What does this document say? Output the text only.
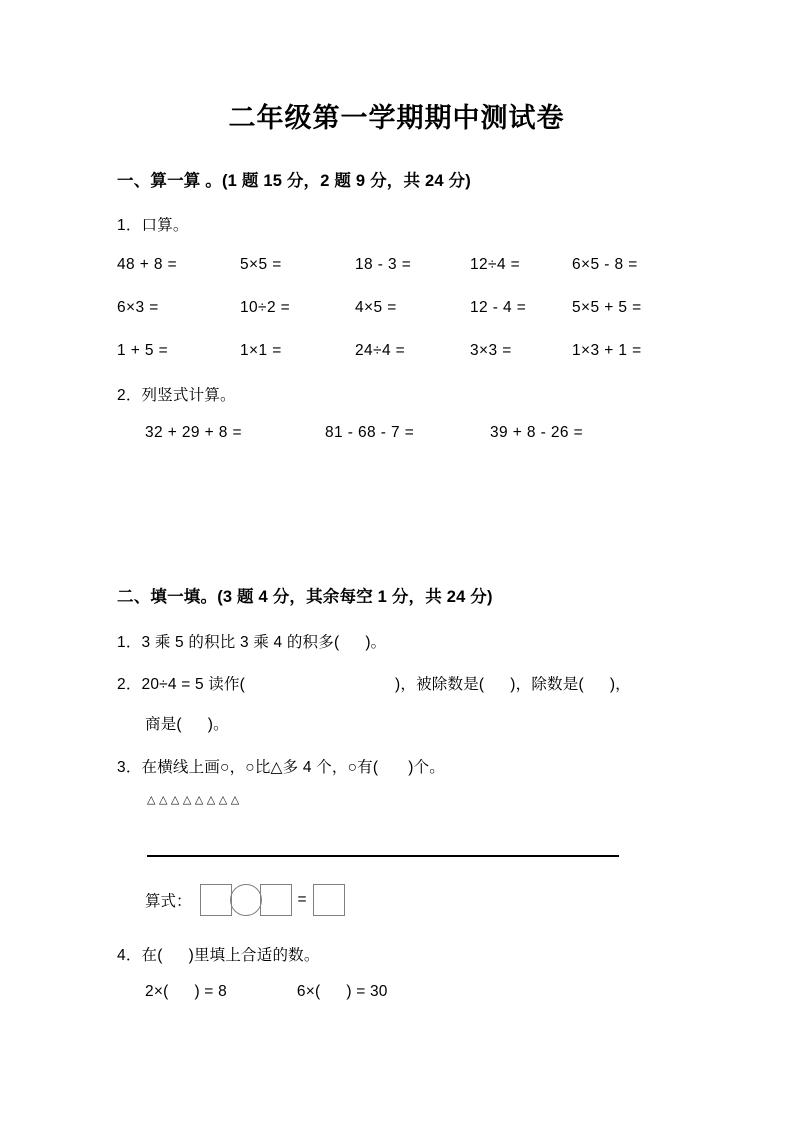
二年级第一学期期中测试卷
一、算一算 。(1 题 15 分，2 题 9 分，共 24 分)
1．口算。
48 + 8 =	5×5 =	18 - 3 =	12÷4 =	6×5 - 8 =
6×3 =	10÷2 =	4×5 =	12 - 4 =	5×5 + 5 =
1 + 5 =	1×1 =	24÷4 =	3×3 =	1×3 + 1 =
2．列竖式计算。
32 + 29 + 8 =	81 - 68 - 7 =	39 + 8 - 26 =
二、填一填。(3 题 4 分，其余每空 1 分，共 24 分)
1．3 乘 5 的积比 3 乘 4 的积多( )。
2．20÷4 = 5 读作(	)，被除数是( )，除数是( )，
商是( )。
3．在横线上画○，○比△多 4 个，○有( )个。
△△△△△△△△
算式：	=
4．在( )里填上合适的数。
2×( ) = 8	6×( ) = 30
